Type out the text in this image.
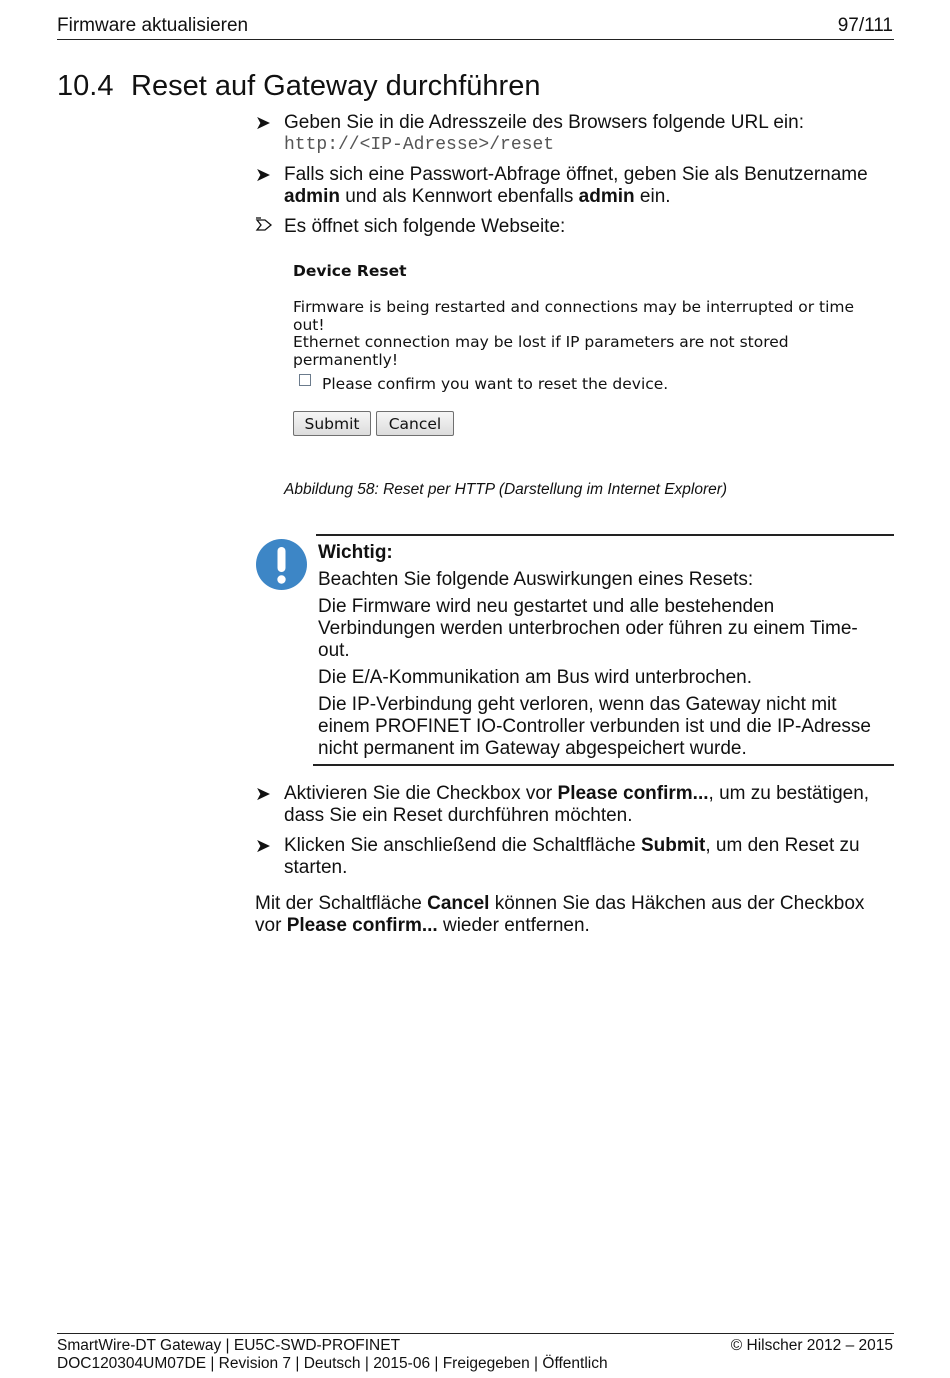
Firmware aktualisieren	97/111
10.4 Reset auf Gateway durchführen
➤ Geben Sie in die Adresszeile des Browsers folgende URL ein:
http://<IP-Adresse>/reset
➤ Falls sich eine Passwort-Abfrage öffnet, geben Sie als Benutzername
admin und als Kennwort ebenfalls admin ein.
Es öffnet sich folgende Webseite:
Device Reset
Firmware is being restarted and connections may be interrupted or time out!
Ethernet connection may be lost if IP parameters are not stored permanently!
Please confirm you want to reset the device.
Submit	Cancel
Abbildung 58: Reset per HTTP (Darstellung im Internet Explorer)
Wichtig:
Beachten Sie folgende Auswirkungen eines Resets:
Die Firmware wird neu gestartet und alle bestehenden
Verbindungen werden unterbrochen oder führen zu einem Time-
out.
Die E/A-Kommunikation am Bus wird unterbrochen.
Die IP-Verbindung geht verloren, wenn das Gateway nicht mit
einem PROFINET IO-Controller verbunden ist und die IP-Adresse
nicht permanent im Gateway abgespeichert wurde.
➤ Aktivieren Sie die Checkbox vor Please confirm..., um zu bestätigen,
dass Sie ein Reset durchführen möchten.
➤ Klicken Sie anschließend die Schaltfläche Submit, um den Reset zu
starten.
Mit der Schaltfläche Cancel können Sie das Häkchen aus der Checkbox
vor Please confirm... wieder entfernen.
SmartWire-DT Gateway | EU5C-SWD-PROFINET
DOC120304UM07DE | Revision 7 | Deutsch | 2015-06 | Freigegeben | Öffentlich
© Hilscher 2012 – 2015
